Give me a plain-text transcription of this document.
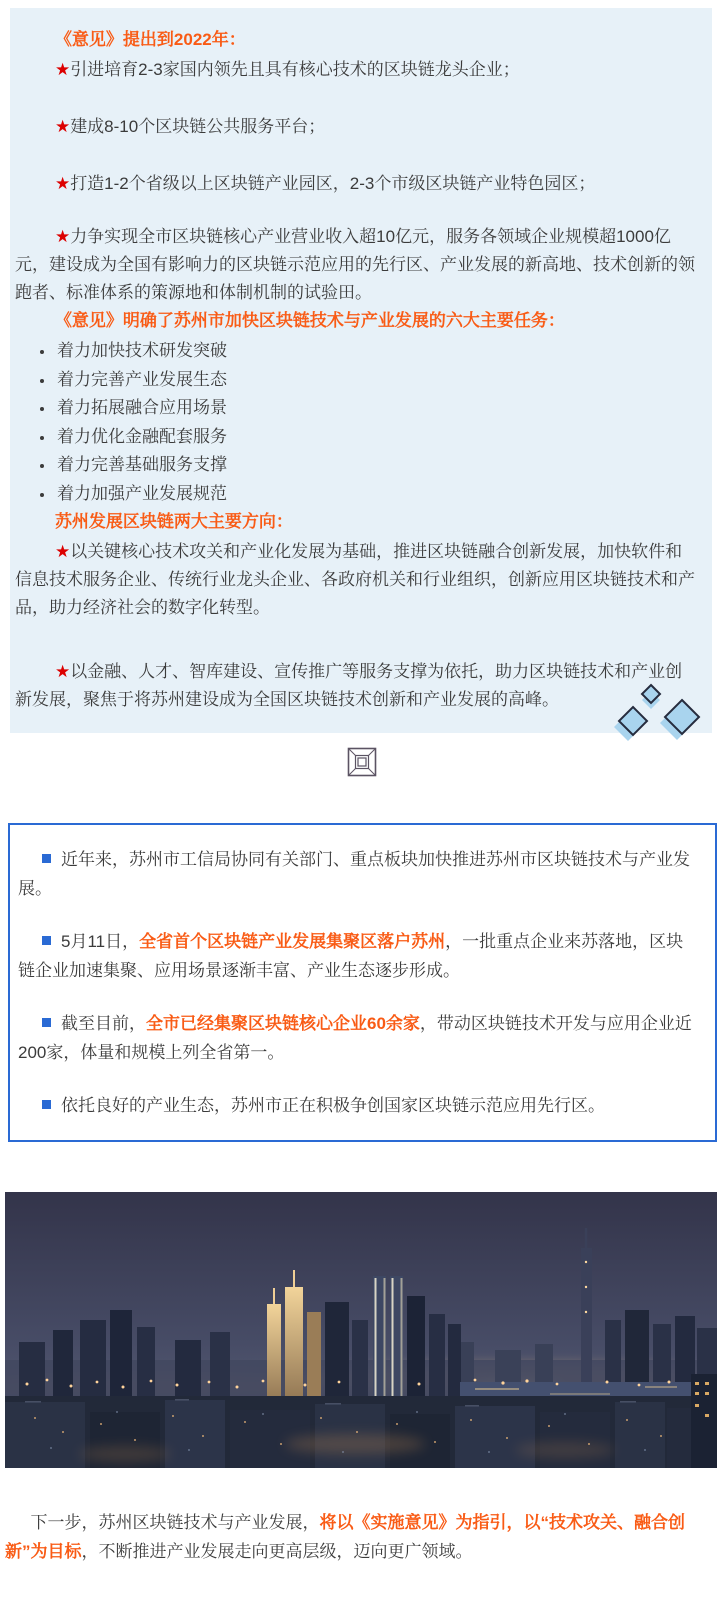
《意见》提出到2022年：

★引进培育2-3家国内领先且具有核心技术的区块链龙头企业；

★建成8-10个区块链公共服务平台；

★打造1-2个省级以上区块链产业园区，2-3个市级区块链产业特色园区；

★力争实现全市区块链核心产业营业收入超10亿元，服务各领域企业规模超1000亿元，建设成为全国有影响力的区块链示范应用的先行区、产业发展的新高地、技术创新的领跑者、标准体系的策源地和体制机制的试验田。

《意见》明确了苏州市加快区块链技术与产业发展的六大主要任务：
• 着力加快技术研发突破
• 着力完善产业发展生态
• 着力拓展融合应用场景
• 着力优化金融配套服务
• 着力完善基础服务支撑
• 着力加强产业发展规范
苏州发展区块链两大主要方向：

★以关键核心技术攻关和产业化发展为基础，推进区块链融合创新发展，加快软件和信息技术服务企业、传统行业龙头企业、各政府机关和行业组织，创新应用区块链技术和产品，助力经济社会的数字化转型。

★以金融、人才、智库建设、宣传推广等服务支撑为依托，助力区块链技术和产业创新发展，聚焦于将苏州建设成为全国区块链技术创新和产业发展的高峰。

近年来，苏州市工信局协同有关部门、重点板块加快推进苏州市区块链技术与产业发展。

5月11日，全省首个区块链产业发展集聚区落户苏州，一批重点企业来苏落地，区块链企业加速集聚、应用场景逐渐丰富、产业生态逐步形成。

截至目前，全市已经集聚区块链核心企业60余家，带动区块链技术开发与应用企业近200家，体量和规模上列全省第一。

依托良好的产业生态，苏州市正在积极争创国家区块链示范应用先行区。

下一步，苏州区块链技术与产业发展，将以《实施意见》为指引，以“技术攻关、融合创新”为目标，不断推进产业发展走向更高层级，迈向更广领域。
